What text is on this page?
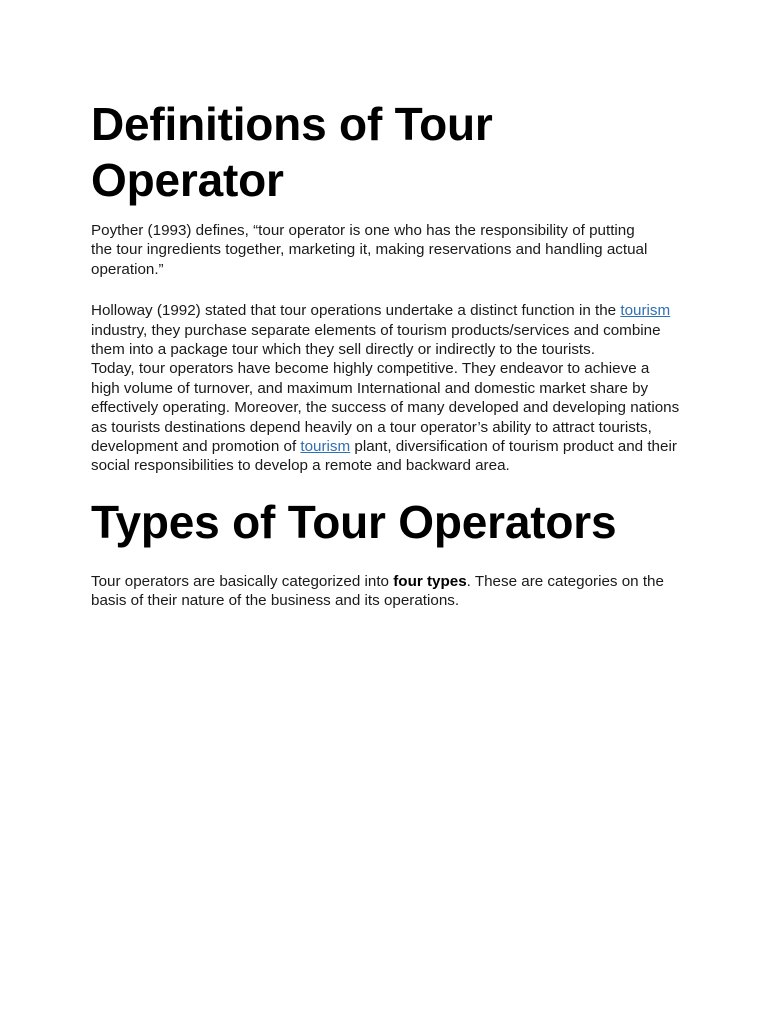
Definitions of Tour Operator

Poyther (1993) defines, “tour operator is one who has the responsibility of putting the tour ingredients together, marketing it, making reservations and handling actual operation.”

Holloway (1992) stated that tour operations undertake a distinct function in the tourism industry, they purchase separate elements of tourism products/services and combine them into a package tour which they sell directly or indirectly to the tourists.

Today, tour operators have become highly competitive. They endeavor to achieve a high volume of turnover, and maximum International and domestic market share by effectively operating. Moreover, the success of many developed and developing nations as tourists destinations depend heavily on a tour operator’s ability to attract tourists, development and promotion of tourism plant, diversification of tourism product and their social responsibilities to develop a remote and backward area.

Types of Tour Operators

Tour operators are basically categorized into four types. These are categories on the basis of their nature of the business and its operations.
